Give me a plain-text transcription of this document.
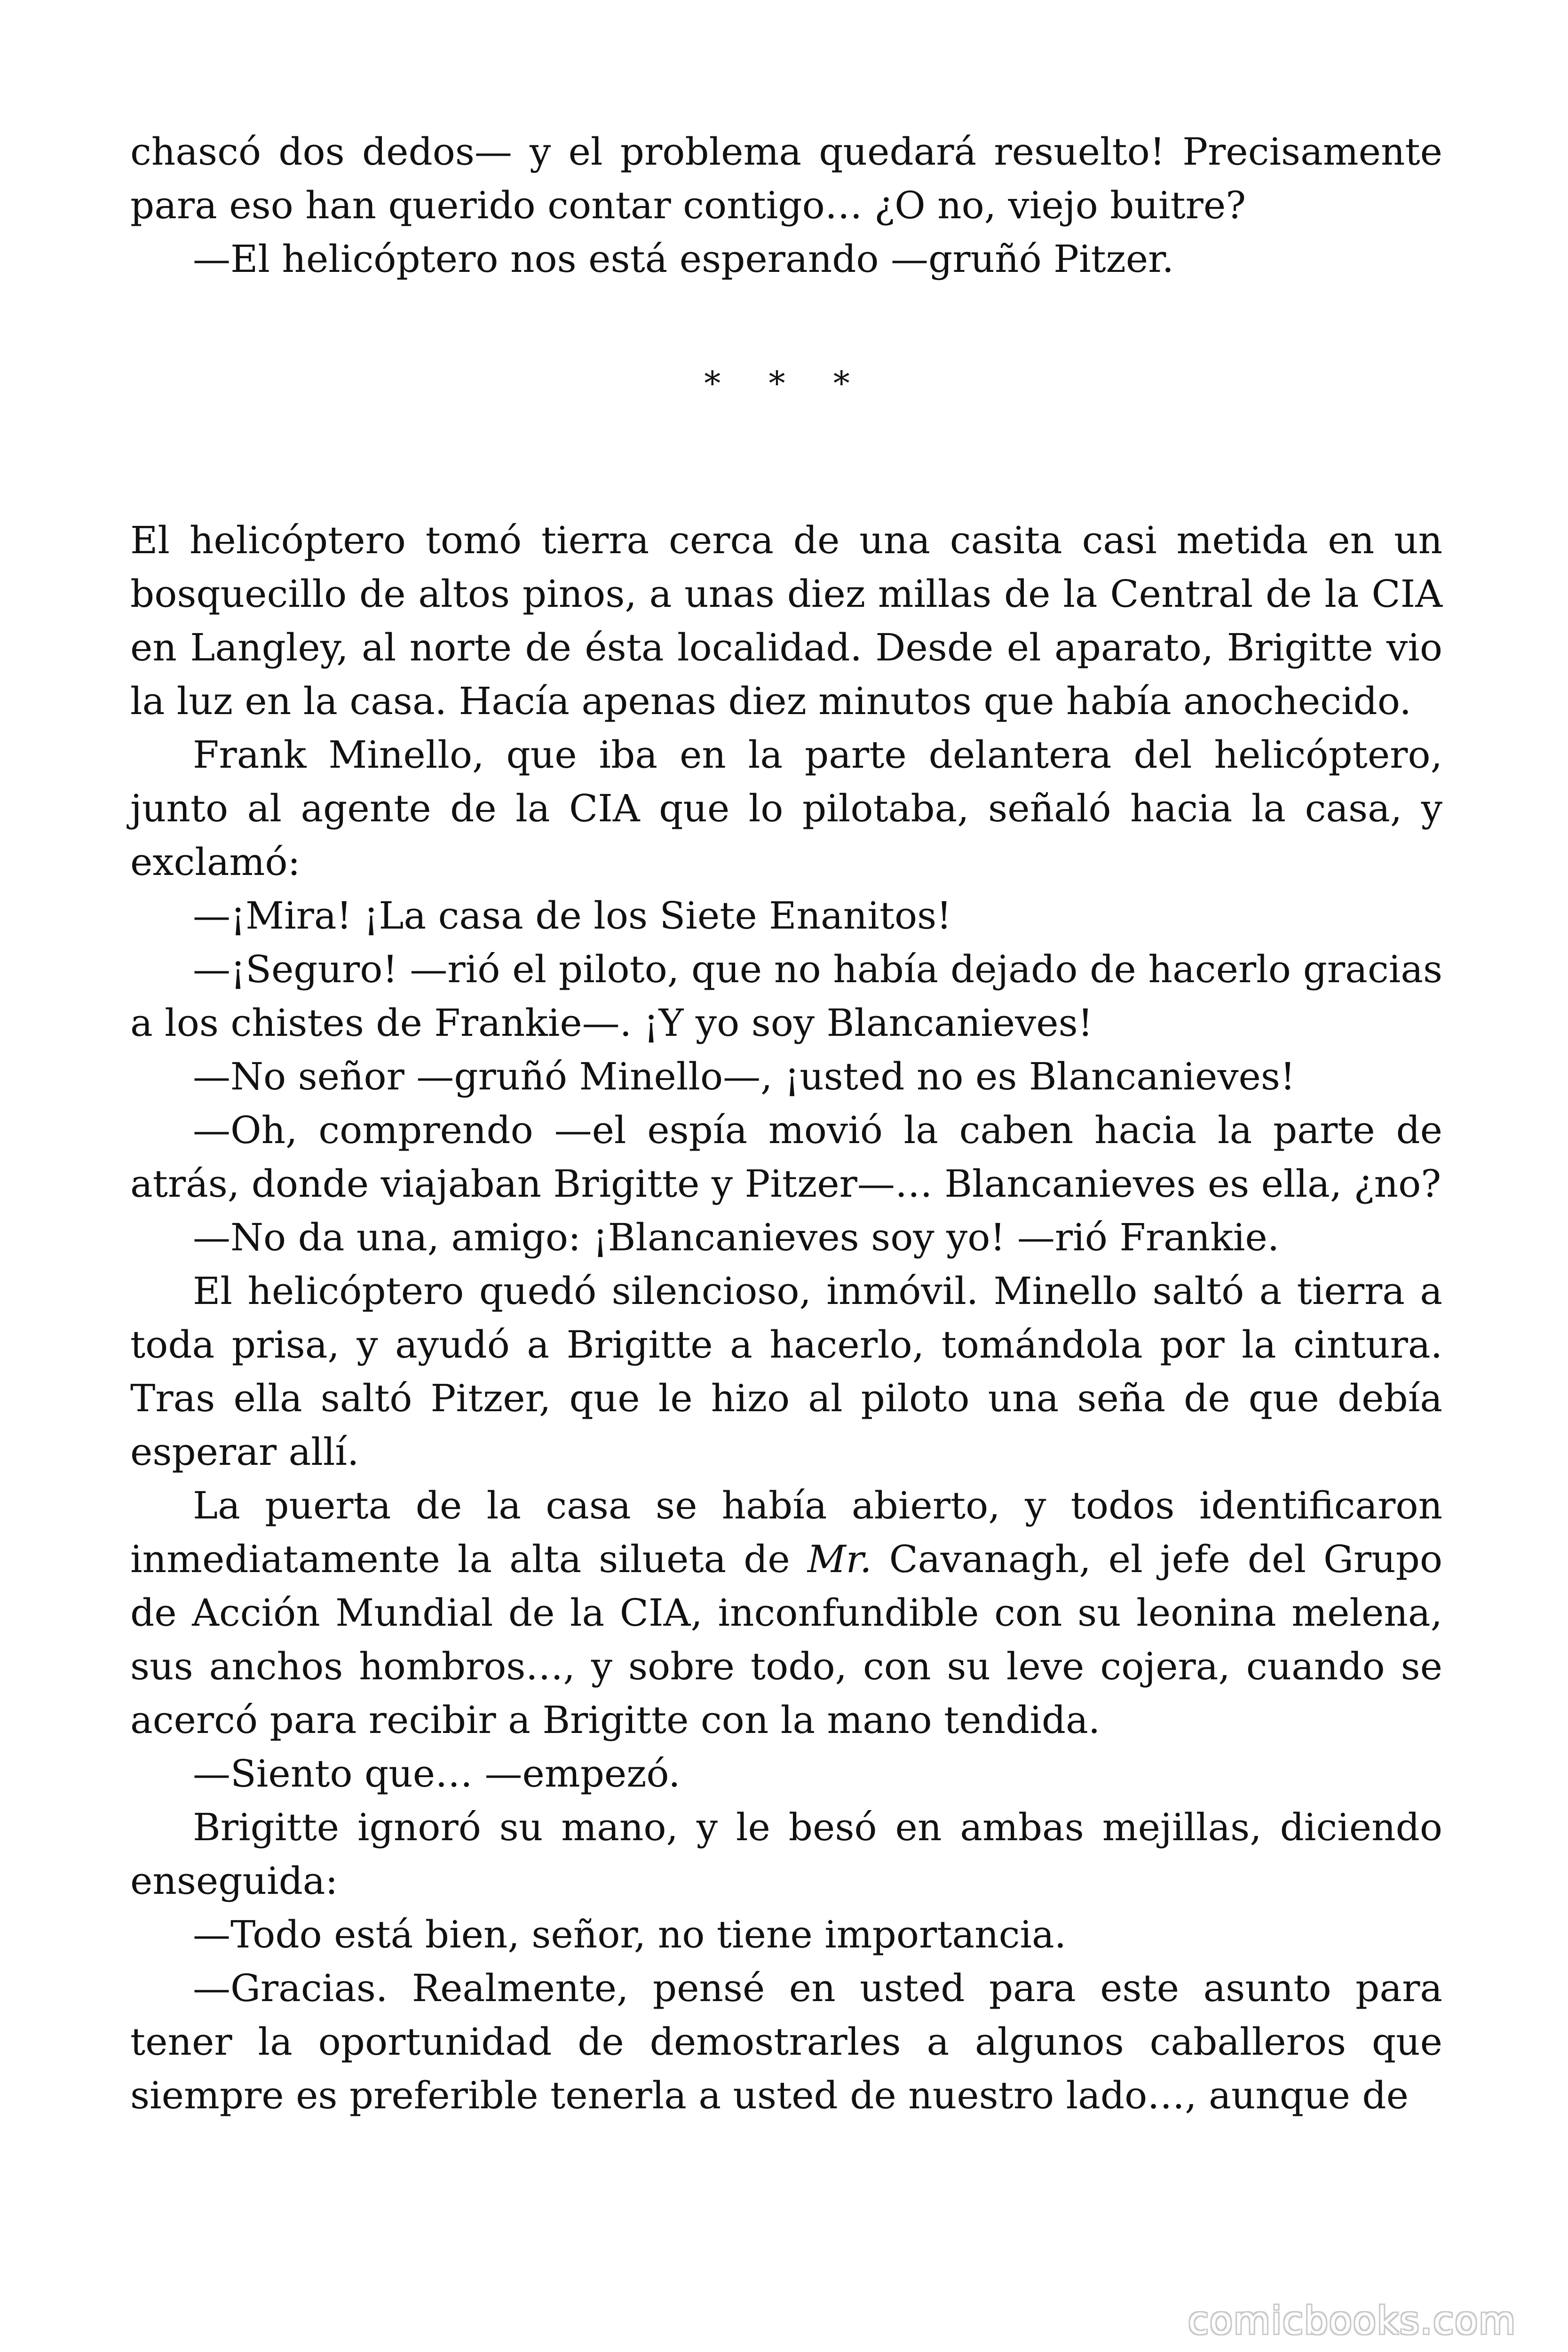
chascó dos dedos— y el problema quedará resuelto! Precisamente para eso han querido contar contigo… ¿O no, viejo buitre?

—El helicóptero nos está esperando —gruñó Pitzer.

* * *

El helicóptero tomó tierra cerca de una casita casi metida en un bosquecillo de altos pinos, a unas diez millas de la Central de la CIA en Langley, al norte de ésta localidad. Desde el aparato, Brigitte vio la luz en la casa. Hacía apenas diez minutos que había anochecido.

Frank Minello, que iba en la parte delantera del helicóptero, junto al agente de la CIA que lo pilotaba, señaló hacia la casa, y exclamó:

—¡Mira! ¡La casa de los Siete Enanitos!

—¡Seguro! —rió el piloto, que no había dejado de hacerlo gracias a los chistes de Frankie—. ¡Y yo soy Blancanieves!

—No señor —gruñó Minello—, ¡usted no es Blancanieves!

—Oh, comprendo —el espía movió la caben hacia la parte de atrás, donde viajaban Brigitte y Pitzer—… Blancanieves es ella, ¿no?

—No da una, amigo: ¡Blancanieves soy yo! —rió Frankie.

El helicóptero quedó silencioso, inmóvil. Minello saltó a tierra a toda prisa, y ayudó a Brigitte a hacerlo, tomándola por la cintura. Tras ella saltó Pitzer, que le hizo al piloto una seña de que debía esperar allí.

La puerta de la casa se había abierto, y todos identificaron inmediatamente la alta silueta de Mr. Cavanagh, el jefe del Grupo de Acción Mundial de la CIA, inconfundible con su leonina melena, sus anchos hombros…, y sobre todo, con su leve cojera, cuando se acercó para recibir a Brigitte con la mano tendida.

—Siento que… —empezó.

Brigitte ignoró su mano, y le besó en ambas mejillas, diciendo enseguida:

—Todo está bien, señor, no tiene importancia.

—Gracias. Realmente, pensé en usted para este asunto para tener la oportunidad de demostrarles a algunos caballeros que siempre es preferible tenerla a usted de nuestro lado…, aunque de

comicbooks.com
